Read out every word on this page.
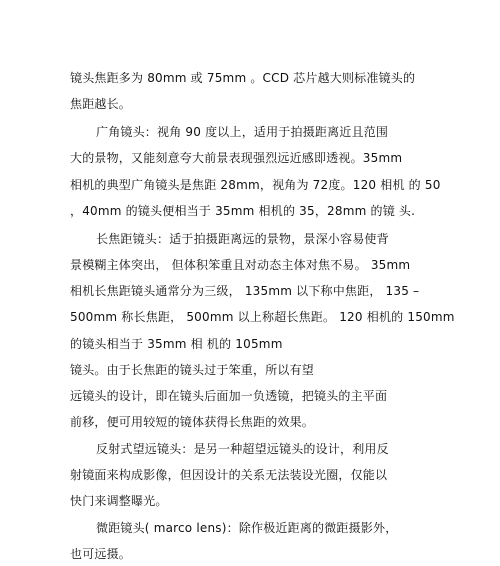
镜头焦距多为 80mm 或 75mm 。CCD 芯片越大则标准镜头的
焦距越长。
广角镜头：视角 90 度以上，适用于拍摄距离近且范围
大的景物，又能刻意夸大前景表现强烈远近感即透视。35mm
相机的典型广角镜头是焦距 28mm，视角为 72度。120 相机 的 50
，40mm 的镜头便相当于 35mm 相机的 35，28mm 的镜 头.
长焦距镜头：适于拍摄距离远的景物，景深小容易使背
景模糊主体突出， 但体积笨重且对动态主体对焦不易。 35mm
相机长焦距镜头通常分为三级， 135mm 以下称中焦距， 135 –
500mm 称长焦距， 500mm 以上称超长焦距。 120 相机的 150mm
的镜头相当于 35mm 相 机的 105mm
镜头。由于长焦距的镜头过于笨重，所以有望
远镜头的设计，即在镜头后面加一负透镜，把镜头的主平面
前移，便可用较短的镜体获得长焦距的效果。
反射式望远镜头：是另一种超望远镜头的设计，利用反
射镜面来构成影像，但因设计的关系无法装设光圈，仅能以
快门来调整曝光。
微距镜头( marco lens)：除作极近距离的微距摄影外，
也可远摄。
